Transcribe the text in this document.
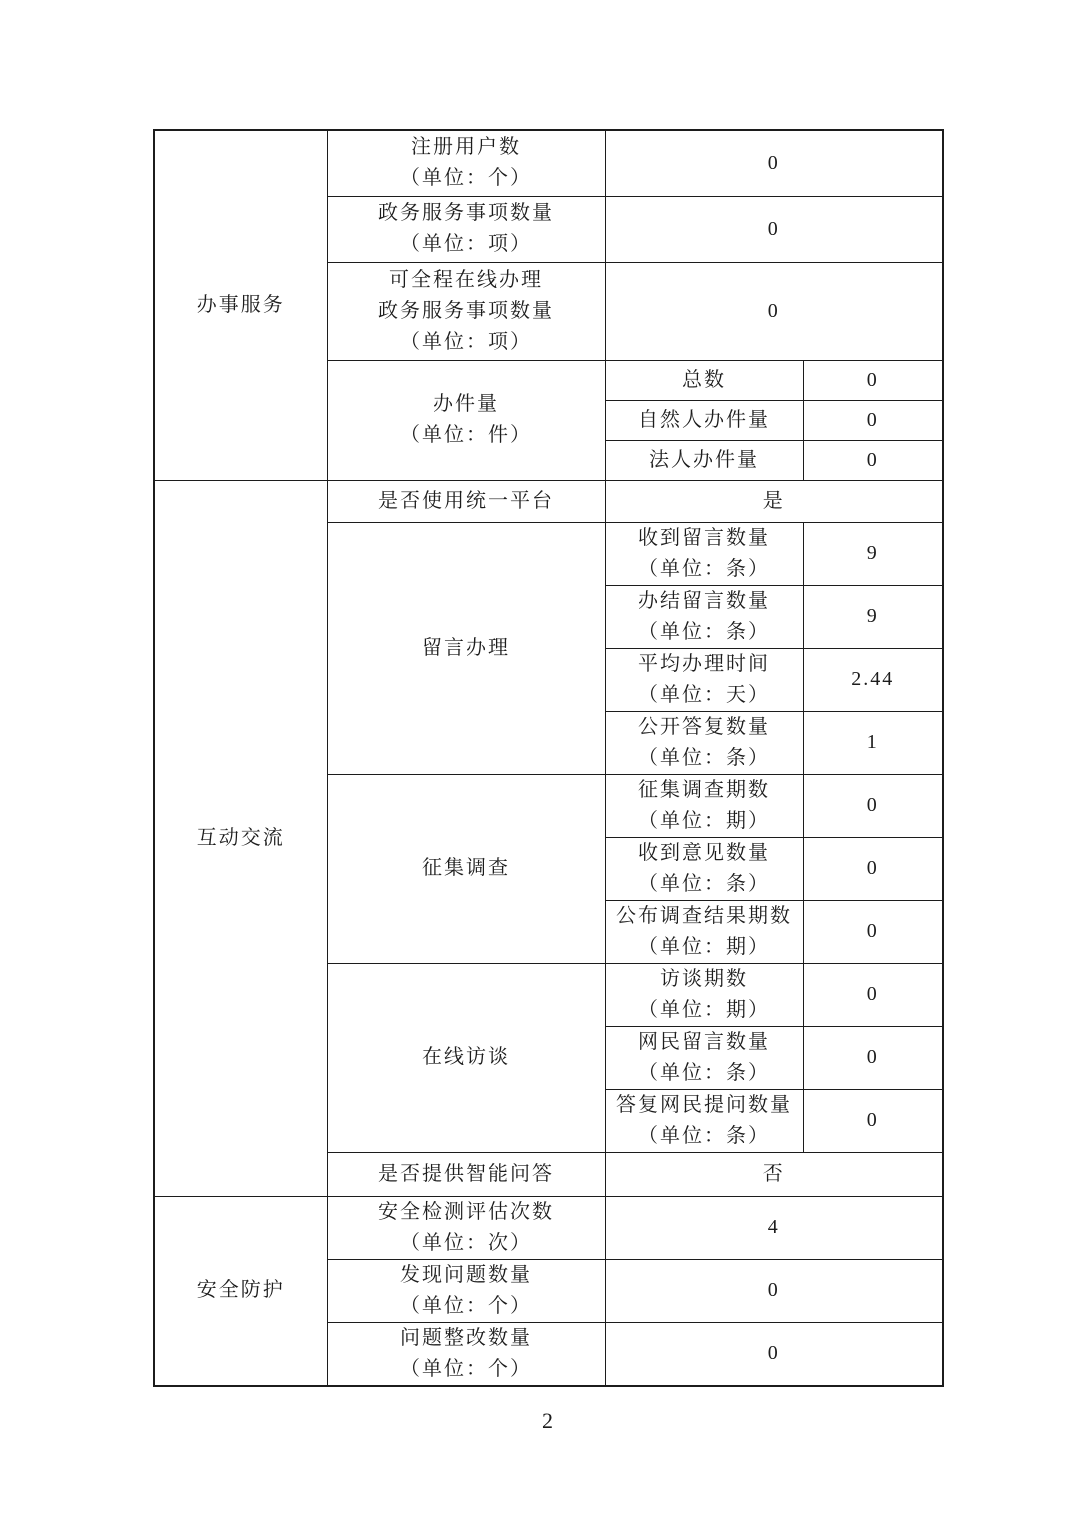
办事服务	注册用户数
（单位：个）	0	

	政务服务事项数量
（单位：项）	0	

	可全程在线办理
政务服务事项数量
（单位：项）	0	

	办件量
（单位：件）	总数	0
		自然人办件量	0
		法人办件量	0
互动交流	是否使用统一平台	是	
	留言办理	收到留言数量
（单位：条）	9

		办结留言数量
（单位：条）	9

		平均办理时间
（单位：天）	2.44

		公开答复数量
（单位：条）	1
	征集调查	征集调查期数
（单位：期）	0

		收到意见数量
（单位：条）	0

		公布调查结果期数
（单位：期）	0
	在线访谈	访谈期数
（单位：期）	0

		网民留言数量
（单位：条）	0

		答复网民提问数量
（单位：条）	0
	是否提供智能问答	否	
安全防护	安全检测评估次数
（单位：次）	4	

	发现问题数量
（单位：个）	0	

	问题整改数量
（单位：个）	0	
2
